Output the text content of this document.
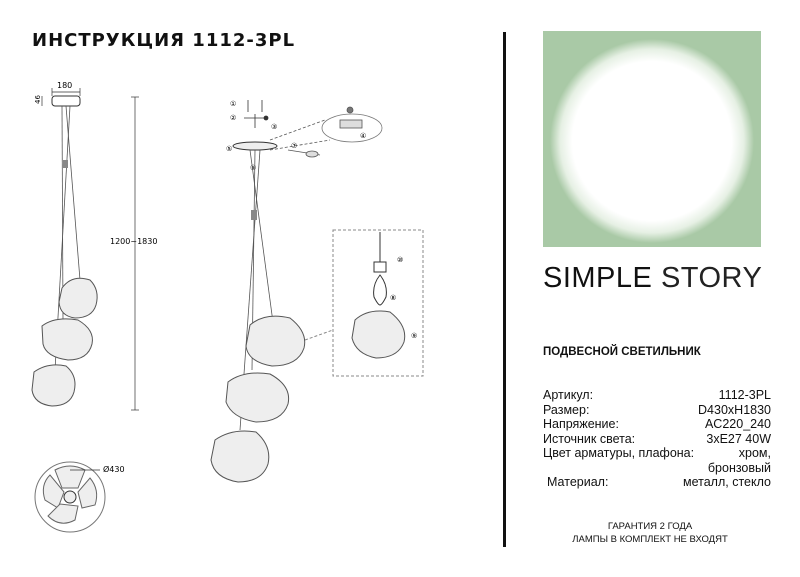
ИНСТРУКЦИЯ 1112-3PL
180
46
1200~1830
Ø430
①
②
③
④
⑤
⑥
⑦
⑩
⑧
⑨
SIMPLE STORY
ПОДВЕСНОЙ СВЕТИЛЬНИК
Артикул:	1112-3PL
Размер:	D430xH1830
Напряжение:	AC220_240
Источник света:	3xE27 40W
Цвет арматуры, плафона:	хром,
бронзовый
Материал:	металл, стекло
ГАРАНТИЯ 2 ГОДА
ЛАМПЫ В КОМПЛЕКТ НЕ ВХОДЯТ
